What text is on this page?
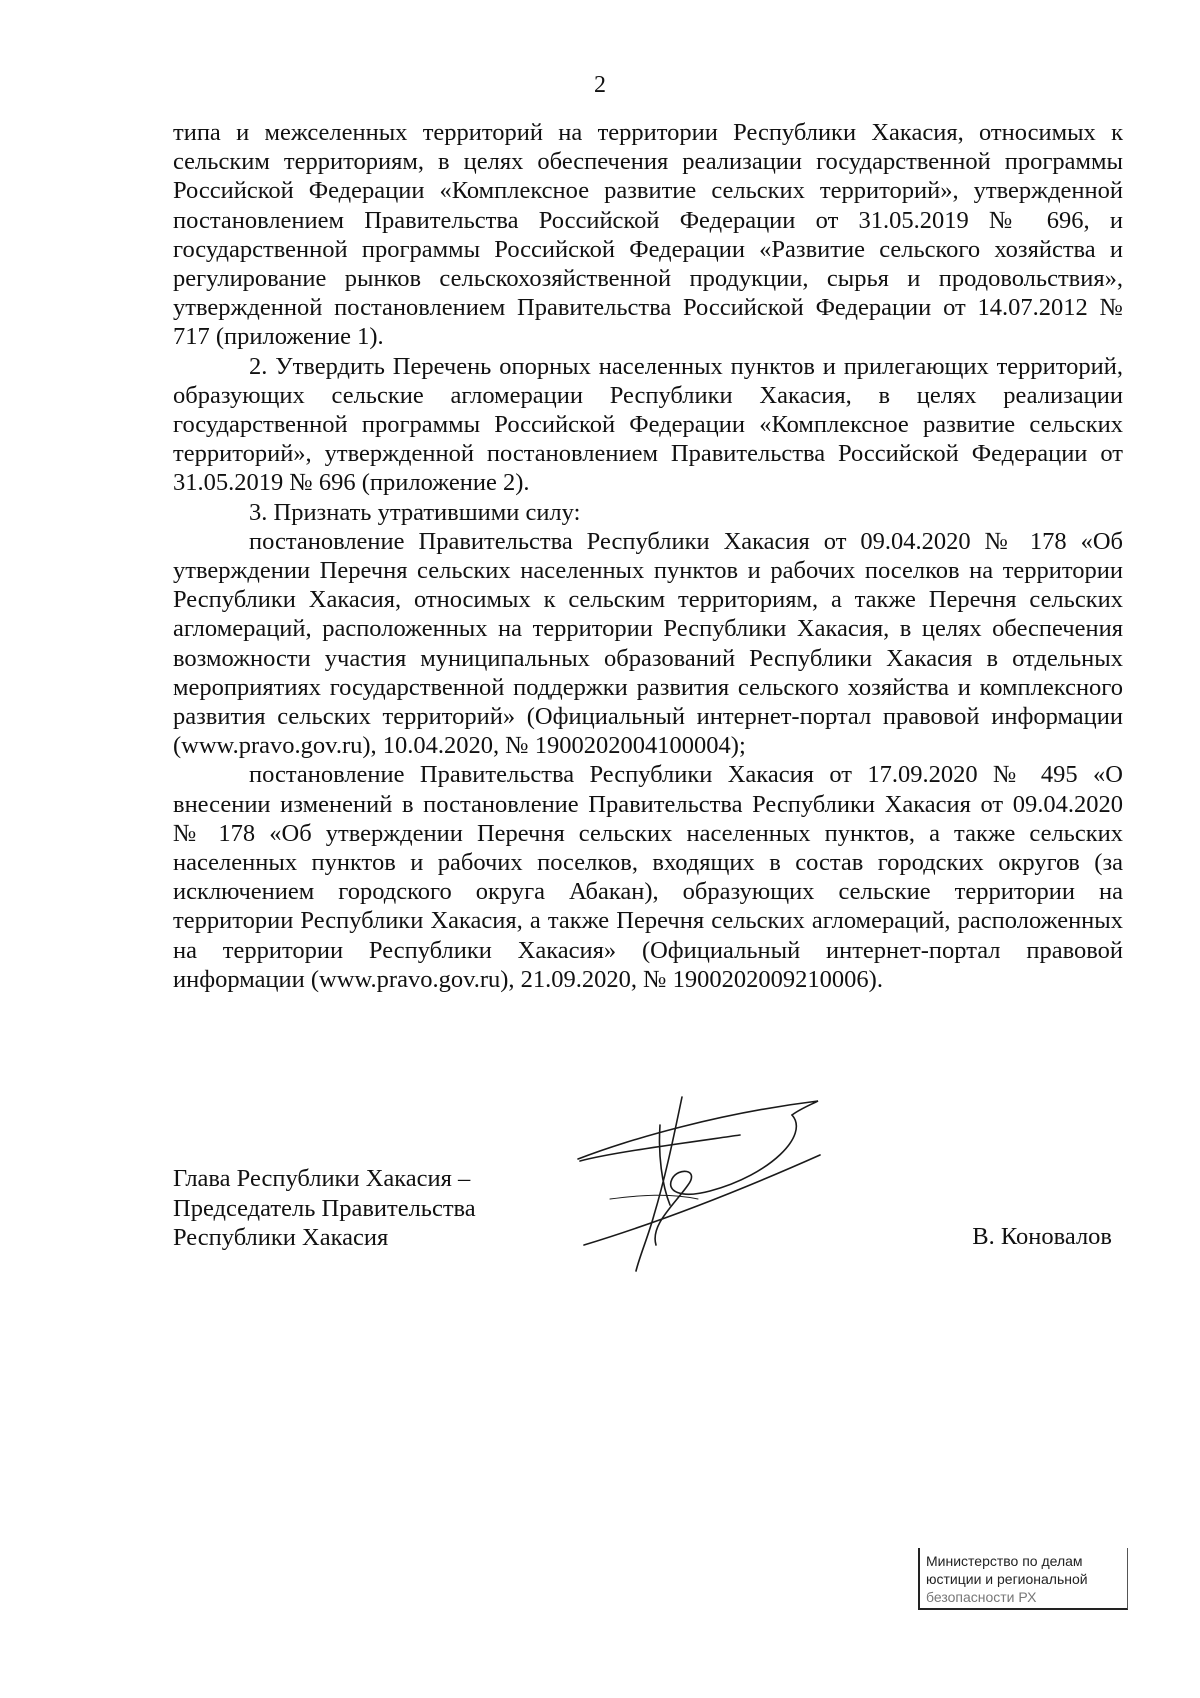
2

типа и межселенных территорий на территории Республики Хакасия, относимых к сельским территориям, в целях обеспечения реализации государственной программы Российской Федерации «Комплексное развитие сельских территорий», утвержденной постановлением Правительства Российской Федерации от 31.05.2019 № 696, и государственной программы Российской Федерации «Развитие сельского хозяйства и регулирование рынков сельскохозяйственной продукции, сырья и продовольствия», утвержденной постановлением Правительства Российской Федерации от 14.07.2012 № 717 (приложение 1).

2. Утвердить Перечень опорных населенных пунктов и прилегающих территорий, образующих сельские агломерации Республики Хакасия, в целях реализации государственной программы Российской Федерации «Комплексное развитие сельских территорий», утвержденной постановлением Правительства Российской Федерации от 31.05.2019 № 696 (приложение 2).

3. Признать утратившими силу:

постановление Правительства Республики Хакасия от 09.04.2020 № 178 «Об утверждении Перечня сельских населенных пунктов и рабочих поселков на территории Республики Хакасия, относимых к сельским территориям, а также Перечня сельских агломераций, расположенных на территории Республики Хакасия, в целях обеспечения возможности участия муниципальных образований Республики Хакасия в отдельных мероприятиях государственной поддержки развития сельского хозяйства и комплексного развития сельских территорий» (Официальный интернет-портал правовой информации (www.pravo.gov.ru), 10.04.2020, № 1900202004100004);

постановление Правительства Республики Хакасия от 17.09.2020 № 495 «О внесении изменений в постановление Правительства Республики Хакасия от 09.04.2020 № 178 «Об утверждении Перечня сельских населенных пунктов, а также сельских населенных пунктов и рабочих поселков, входящих в состав городских округов (за исключением городского округа Абакан), образующих сельские территории на территории Республики Хакасия, а также Перечня сельских агломераций, расположенных на территории Республики Хакасия» (Официальный интернет-портал правовой информации (www.pravo.gov.ru), 21.09.2020, № 1900202009210006).

Глава Республики Хакасия –
Председатель Правительства
Республики Хакасия	В. Коновалов
Министерство по делам
юстиции и региональной
безопасности РХ
